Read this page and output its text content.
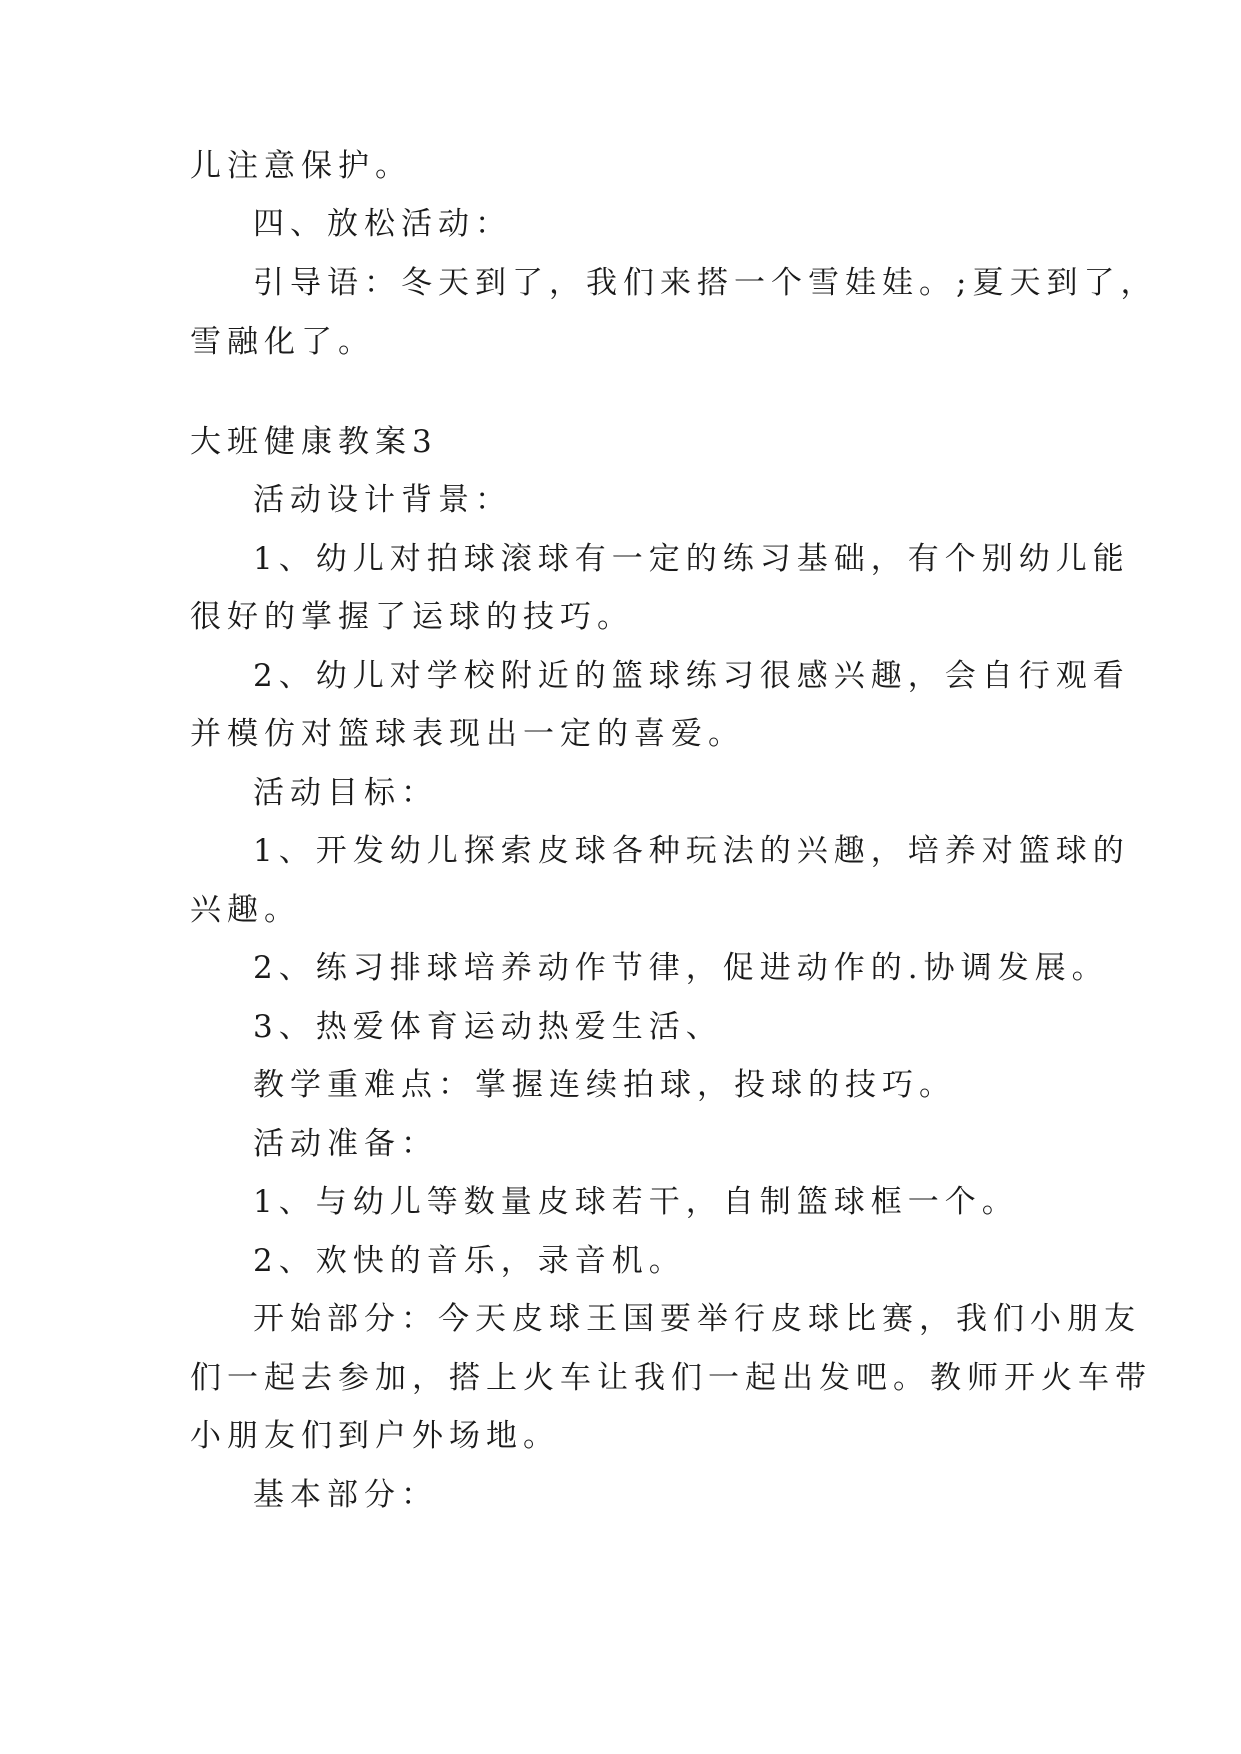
儿注意保护。
四、放松活动：
引导语：冬天到了，我们来搭一个雪娃娃。;夏天到了，
雪融化了。
大班健康教案3
活动设计背景：
1、幼儿对拍球滚球有一定的练习基础，有个别幼儿能
很好的掌握了运球的技巧。
2、幼儿对学校附近的篮球练习很感兴趣，会自行观看
并模仿对篮球表现出一定的喜爱。
活动目标：
1、开发幼儿探索皮球各种玩法的兴趣，培养对篮球的
兴趣。
2、练习排球培养动作节律，促进动作的.协调发展。
3、热爱体育运动热爱生活、
教学重难点：掌握连续拍球，投球的技巧。
活动准备：
1、与幼儿等数量皮球若干，自制篮球框一个。
2、欢快的音乐，录音机。
开始部分：今天皮球王国要举行皮球比赛，我们小朋友
们一起去参加，搭上火车让我们一起出发吧。教师开火车带
小朋友们到户外场地。
基本部分：
